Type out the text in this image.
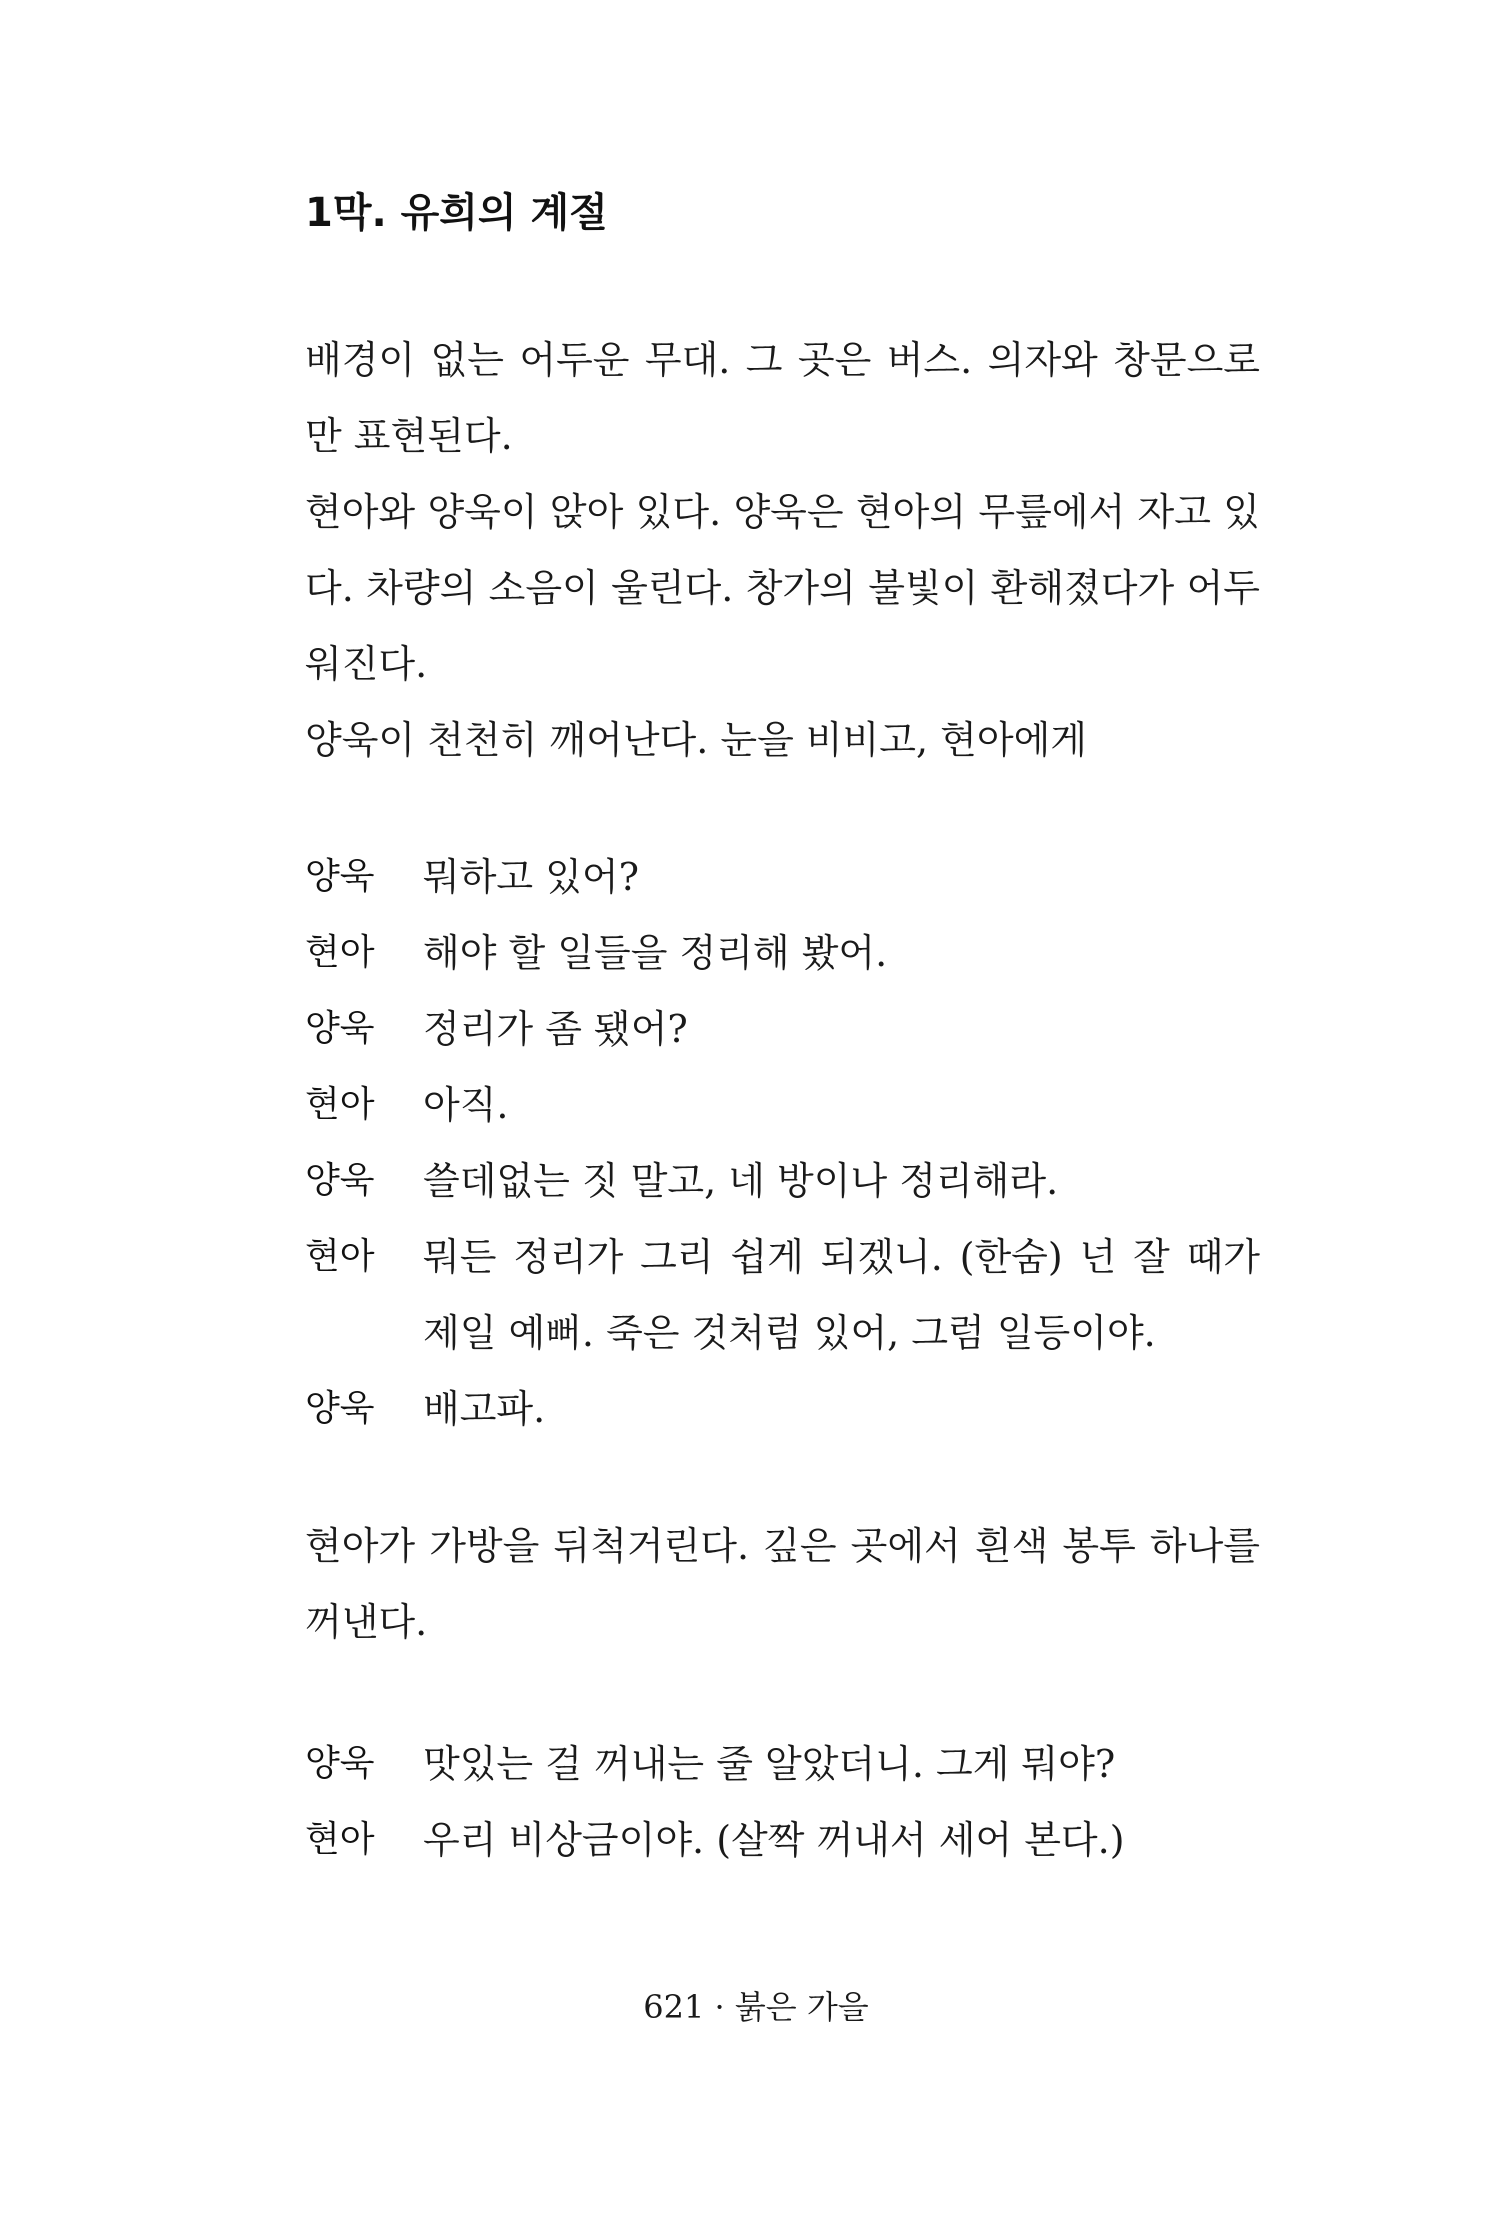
1막. 유희의 계절

배경이 없는 어두운 무대. 그 곳은 버스. 의자와 창문으로만 표현된다.

현아와 양욱이 앉아 있다. 양욱은 현아의 무릎에서 자고 있다. 차량의 소음이 울린다. 창가의 불빛이 환해졌다가 어두워진다.

양욱이 천천히 깨어난다. 눈을 비비고, 현아에게

양욱	뭐하고 있어?
현아	해야 할 일들을 정리해 봤어.
양욱	정리가 좀 됐어?
현아	아직.
양욱	쓸데없는 짓 말고, 네 방이나 정리해라.
현아	뭐든 정리가 그리 쉽게 되겠니. (한숨) 넌 잘 때가 제일 예뻐. 죽은 것처럼 있어, 그럼 일등이야.
양욱	배고파.

현아가 가방을 뒤척거린다. 깊은 곳에서 흰색 봉투 하나를 꺼낸다.

양욱	맛있는 걸 꺼내는 줄 알았더니. 그게 뭐야?
현아	우리 비상금이야. (살짝 꺼내서 세어 본다.)
621 · 붉은 가을
